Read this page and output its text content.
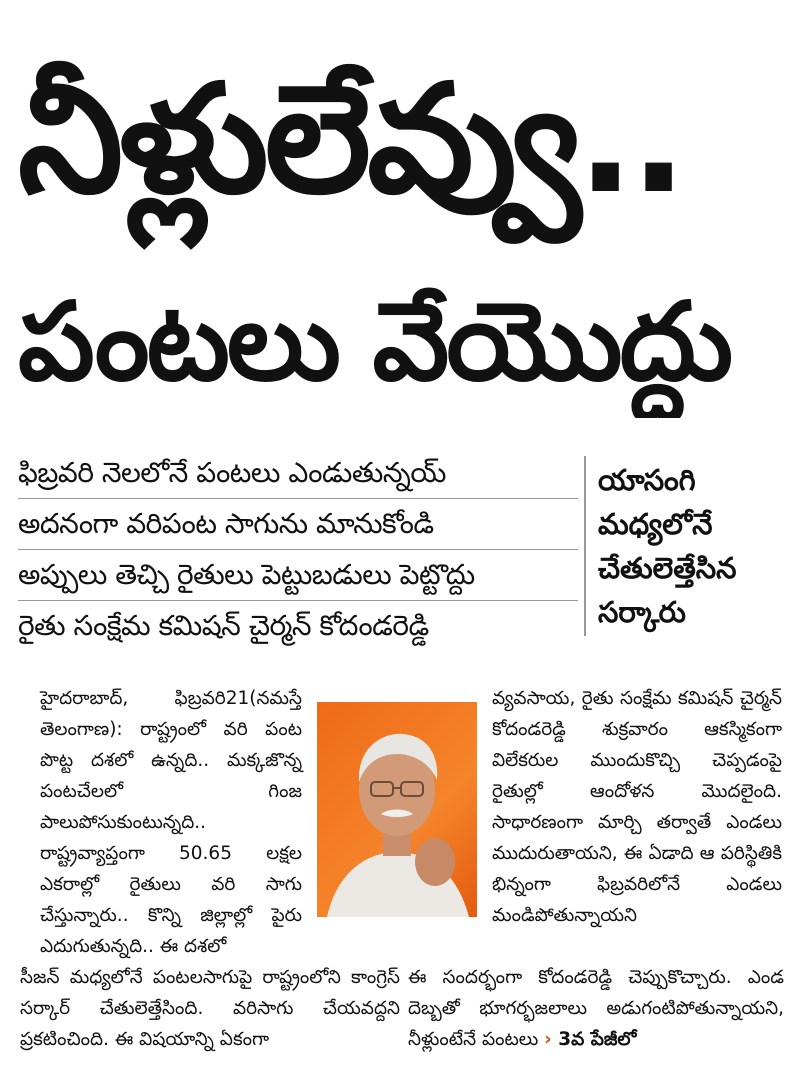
నీళ్లులేవ్వు..
పంటలు వేయొద్దు
ఫిబ్రవరి నెలలోనే పంటలు ఎండుతున్నయ్
అదనంగా వరిపంట సాగును మానుకోండి
అప్పులు తెచ్చి రైతులు పెట్టుబడులు పెట్టొద్దు
రైతు సంక్షేమ కమిషన్ చైర్మన్ కోదండరెడ్డి
యాసంగి
మధ్యలోనే
చేతులెత్తేసిన
సర్కారు

హైదరాబాద్, ఫిబ్రవరి21(నమస్తే తెలంగాణ): రాష్ట్రంలో వరి పంట పొట్ట దశలో ఉన్నది.. మక్కజొన్న పంటచేలలో గింజ పాలుపోసుకుంటున్నది.. రాష్ట్రవ్యాప్తంగా 50.65 లక్షల ఎకరాల్లో రైతులు వరి సాగు చేస్తున్నారు.. కొన్ని జిల్లాల్లో పైరు ఎదుగుతున్నది.. ఈ దశలో

వ్యవసాయ, రైతు సంక్షేమ కమిషన్ చైర్మన్ కోదండరెడ్డి శుక్రవారం ఆకస్మికంగా విలేకరుల ముందుకొచ్చి చెప్పడంపై రైతుల్లో ఆందోళన మొదలైంది. సాధారణంగా మార్చి తర్వాతే ఎండలు ముదురుతాయని, ఈ ఏడాది ఆ పరిస్థితికి భిన్నంగా ఫిబ్రవరిలోనే ఎండలు మండిపోతున్నాయని

సీజన్ మధ్యలోనే పంటలసాగుపై రాష్ట్రంలోని కాంగ్రెస్ సర్కార్ చేతులెత్తేసింది. వరిసాగు చేయవద్దని ప్రకటించింది. ఈ విషయాన్ని ఏకంగా

ఈ సందర్భంగా కోదండరెడ్డి చెప్పుకొచ్చారు. ఎండ దెబ్బతో భూగర్భజలాలు అడుగంటిపోతున్నాయని, నీళ్లుంటేనే పంటలు › 3వ పేజీలో
